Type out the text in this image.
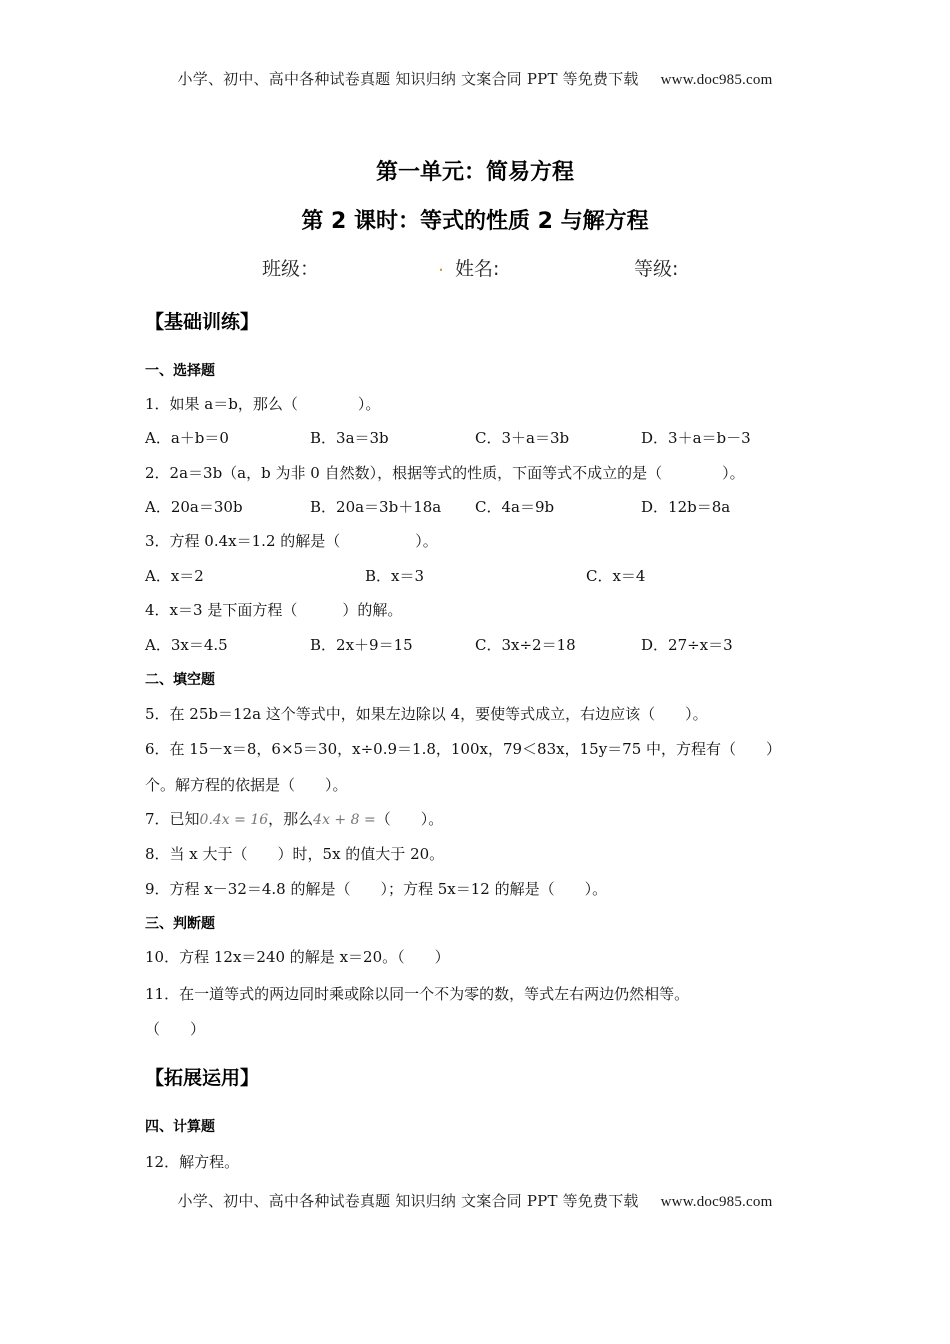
小学、初中、高中各种试卷真题 知识归纳 文案合同 PPT 等免费下载 www.doc985.com
第一单元：简易方程
第 2 课时：等式的性质 2 与解方程
班级：	. 姓名:	等级:
【基础训练】
一、选择题
1．如果 a＝b，那么（　　　　）。
A．a＋b＝0	B．3a＝3b	C．3＋a＝3b	D．3＋a＝b－3
2．2a＝3b（a，b 为非 0 自然数），根据等式的性质，下面等式不成立的是（　　　　）。
A．20a＝30b	B．20a＝3b＋18a C．4a＝9b	D．12b＝8a
3．方程 0.4x＝1.2 的解是（　　　　　）。
A．x＝2	B．x＝3	C．x＝4
4．x＝3 是下面方程（　　　）的解。
A．3x＝4.5	B．2x＋9＝15	C．3x÷2＝18	D．27÷x＝3
二、填空题
5．在 25b＝12a 这个等式中，如果左边除以 4，要使等式成立，右边应该（　　）。
6．在 15－x＝8，6×5＝30，x÷0.9＝1.8，100x，79＜83x，15y＝75 中，方程有（　　）
个。解方程的依据是（　　）。
7．已知0.4x = 16，那么4x + 8 =（　　）。
8．当 x 大于（　　）时，5x 的值大于 20。
9．方程 x－32＝4.8 的解是（　　）；方程 5x＝12 的解是（　　）。
三、判断题
10．方程 12x＝240 的解是 x＝20。（　　）
11．在一道等式的两边同时乘或除以同一个不为零的数，等式左右两边仍然相等。
（　　）
【拓展运用】
四、计算题
12．解方程。
小学、初中、高中各种试卷真题 知识归纳 文案合同 PPT 等免费下载 www.doc985.com
